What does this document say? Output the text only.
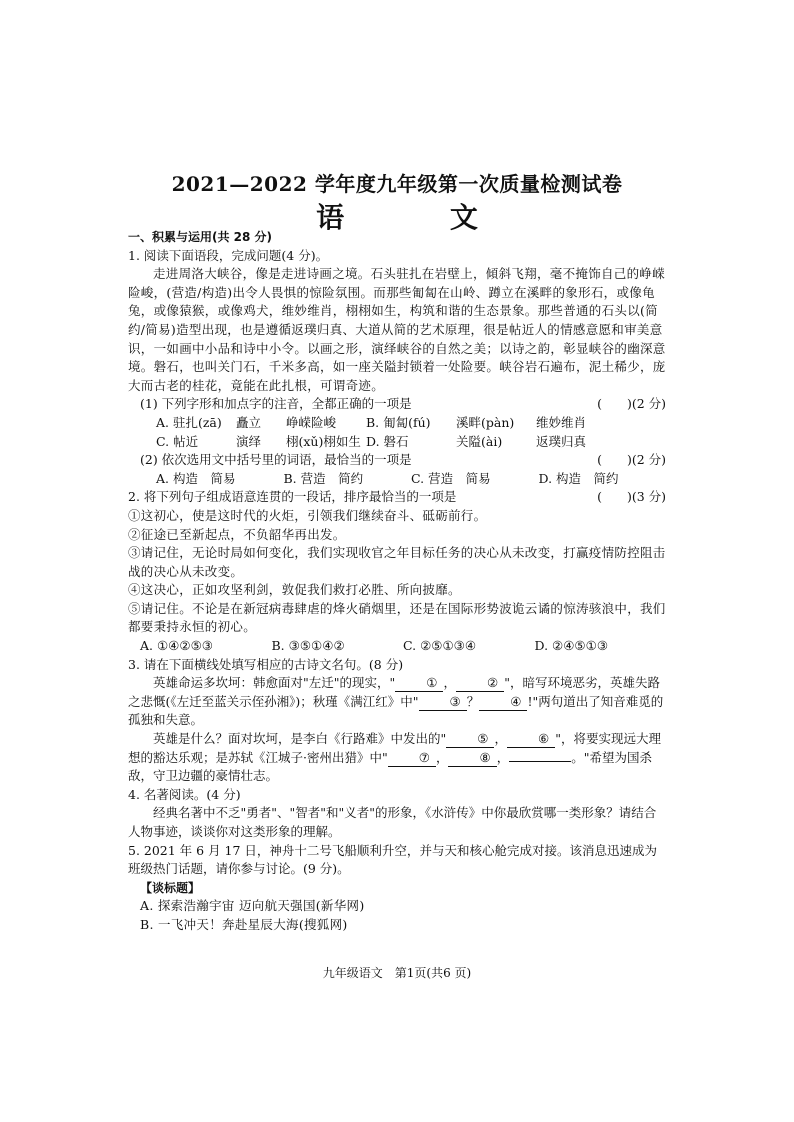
2021—2022 学年度九年级第一次质量检测试卷
语 文

一、积累与运用(共 28 分)

1. 阅读下面语段，完成问题(4 分)。

走进周洛大峡谷，像是走进诗画之境。石头驻扎在岩壁上，傾斜飞翔，毫不掩饰自己的峥嵘险峻，(营造/构造)出令人畏惧的惊险氛围。而那些匍匐在山岭、蹲立在溪畔的象形石，或像龟兔，或像猿猴，或像鸡犬，维妙维肖，栩栩如生，构筑和谐的生态景象。那些普通的石头以(简约/简易)造型出现，也是遵循返璞归真、大道从简的艺术原理，很是帖近人的情感意愿和审美意识，一如画中小品和诗中小令。以画之形，演绎峡谷的自然之美；以诗之韵，彰显峡谷的幽深意境。磐石，也叫关门石，千米多高，如一座关隘封锁着一处险要。峡谷岩石遍布，泥土稀少，庞大而古老的桂花，竟能在此扎根，可谓奇迹。

(1) 下列字形和加点字的注音，全都正确的一项是	(　　)(2 分)
A. 驻扎(zā)	矗立	峥嵘险峻	B. 匍匐(fú)	溪畔(pàn)	维妙维肖
C. 帖近	演绎	栩(xǔ)栩如生 D. 磐石	关隘(ài)	返璞归真
(2) 依次选用文中括号里的词语，最恰当的一项是	(　　)(2 分)
A. 构造　简易	B. 营造　简约	C. 营造　简易	D. 构造　简约
2. 将下列句子组成语意连贯的一段话，排序最恰当的一项是	(　　)(3 分)

①这初心，使是这时代的火炬，引领我们继续奋斗、砥砺前行。

②征途已至新起点，不负韶华再出发。

③请记住，无论时局如何变化，我们实现收官之年目标任务的决心从未改变，打赢疫情防控阻击战的决心从未改变。

④这决心，正如攻坚利剑，敦促我们救打必胜、所向披靡。

⑤请记住。不论是在新冠病毒肆虐的烽火硝烟里，还是在国际形势波诡云谲的惊涛骇浪中，我们都要秉持永恒的初心。

A. ①④②⑤③	B. ③⑤①④②	C. ②⑤①③④	D. ②④⑤①③

3. 请在下面横线处填写相应的古诗文名句。(8 分)

英雄命运多坎坷：韩愈面对"左迁"的现实，" ① ， ② "，暗写环境恶劣，英雄失路之悲慨(《左迁至蓝关示侄孙湘》)；秋瑾《满江红》中" ③ ？ ④ !"两句道出了知音难觅的孤独和失意。

英雄是什么？面对坎坷，是李白《行路难》中发出的" ⑤ ， ⑥ "，将要实现远大理想的豁达乐观；是苏轼《江城子·密州出猎》中" ⑦ ， ⑧ ，	。"希望为国杀敌，守卫边疆的豪情壮志。

4. 名著阅读。(4 分)

经典名著中不乏"勇者"、"智者"和"义者"的形象，《水浒传》中你最欣赏哪一类形象？请结合人物事迹，谈谈你对这类形象的理解。

5. 2021 年 6 月 17 日，神舟十二号飞船顺利升空，并与天和核心舱完成对接。该消息迅速成为班级热门话题，请你参与讨论。(9 分)。

【谈标题】

A. 探索浩瀚宇宙 迈向航天强国(新华网)

B. 一飞冲天！奔赴星辰大海(搜狐网)

九年级语文　第1页(共6 页)
